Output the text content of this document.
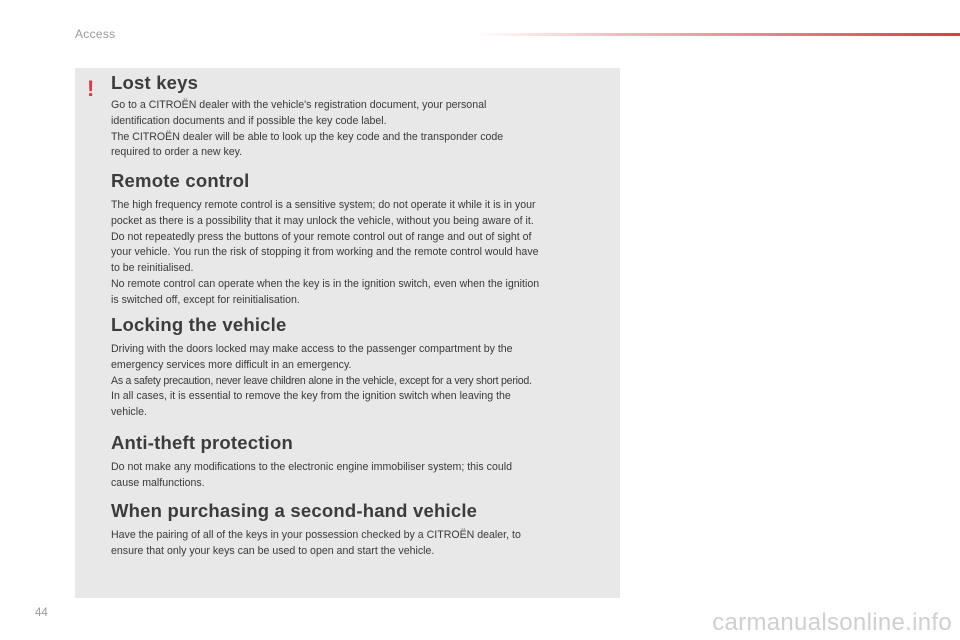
Access
! Lost keys

Go to a CITROËN dealer with the vehicle's registration document, your personal
identification documents and if possible the key code label.
The CITROËN dealer will be able to look up the key code and the transponder code
required to order a new key.

Remote control

The high frequency remote control is a sensitive system; do not operate it while it is in your
pocket as there is a possibility that it may unlock the vehicle, without you being aware of it.
Do not repeatedly press the buttons of your remote control out of range and out of sight of
your vehicle. You run the risk of stopping it from working and the remote control would have
to be reinitialised.
No remote control can operate when the key is in the ignition switch, even when the ignition
is switched off, except for reinitialisation.

Locking the vehicle

Driving with the doors locked may make access to the passenger compartment by the
emergency services more difficult in an emergency.
As a safety precaution, never leave children alone in the vehicle, except for a very short period.
In all cases, it is essential to remove the key from the ignition switch when leaving the
vehicle.

Anti-theft protection

Do not make any modifications to the electronic engine immobiliser system; this could
cause malfunctions.

When purchasing a second-hand vehicle

Have the pairing of all of the keys in your possession checked by a CITROËN dealer, to
ensure that only your keys can be used to open and start the vehicle.

44	carmanualsonline.info
